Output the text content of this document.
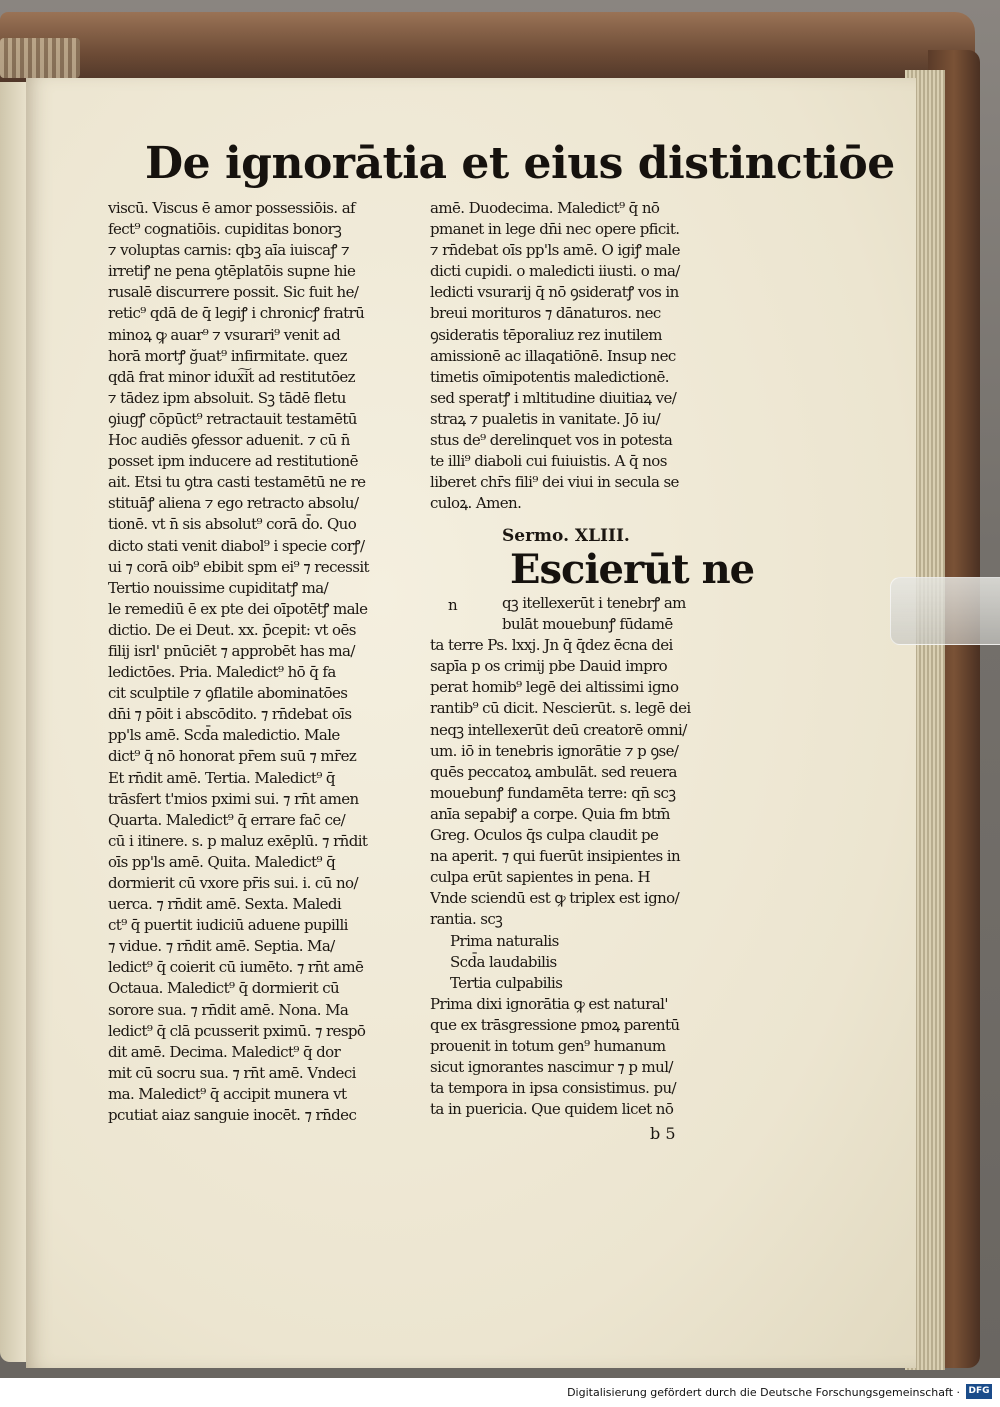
De ignorātia et eius distinctiōe
viscū. Viscus ē amor possessiōis. af
fect⁹ cognatiōis. cupiditas bonorꝫ
⁊ voluptas carnis: qbꝫ aīa iuiscaꝭ ⁊
irretiꝭ ne pena ꝯtēplatōis supne hie
rusalē discurrere possit. Sic fuit he/
retic⁹ qdā de q̄ legiꝭ i chronicꝭ fratrū
minoꝝ ꝙ auar⁹ ⁊ vsurari⁹ venit ad
horā mortꝭ ğuat⁹ infirmitate. quez
qdā frat minor idux͠it ad restitutōez
⁊ tādez ipm absoluit. Sꝫ tādē fletu
ꝯiugꝭ cōpūct⁹ retractauit testamētū
Hoc audiēs ꝯfessor aduenit. ⁊ cū n̄
posset ipm inducere ad restitutionē
ait. Etsi tu ꝯtra casti testamētū ne re
stituāꝭ aliena ⁊ ego retracto absolu/
tionē. vt n̄ sis absolut⁹ corā d̄o. Quo
dicto stati venit diabol⁹ i specie corꝭ/
ui ⁊ corā oib⁹ ebibit spm ei⁹ ⁊ recessit
Tertio nouissime cupiditatꝭ ma/
le remediū ē ex pte dei oīpotētꝭ male
dictio. De ei Deut. xx. p̄cepit: vt oēs
filij isrl' pnūciēt ⁊ approbēt has ma/
ledictōes. Pria. Maledict⁹ hō q̄ fa
cit sculptile ⁊ ꝯflatile abominatōes
dn̄i ⁊ pōit i abscōdito. ⁊ rn̄debat oīs
pp'ls amē. Scd̄a maledictio. Male
dict⁹ q̄ nō honorat pr̄em suū ⁊ mr̄ez
Et rn̄dit amē. Tertia. Maledict⁹ q̄
trāsfert t'mios pximi sui. ⁊ rn̄t amen
Quarta. Maledict⁹ q̄ errare fac̄ ce/
cū i itinere. s. p maluz exēplū. ⁊ rn̄dit
oīs pp'ls amē. Quita. Maledict⁹ q̄
dormierit cū vxore pr̄is sui. i. cū no/
uerca. ⁊ rn̄dit amē. Sexta. Maledi
ct⁹ q̄ puertit iudiciū aduene pupilli
⁊ vidue. ⁊ rn̄dit amē. Septia. Ma/
ledict⁹ q̄ coierit cū iumēto. ⁊ rn̄t amē
Octaua. Maledict⁹ q̄ dormierit cū
sorore sua. ⁊ rn̄dit amē. Nona. Ma
ledict⁹ q̄ clā pcusserit pximū. ⁊ respō
dit amē. Decima. Maledict⁹ q̄ dor
mit cū socru sua. ⁊ rn̄t amē. Vndeci
ma. Maledict⁹ q̄ accipit munera vt
pcutiat aiaz sanguie inocēt. ⁊ rn̄dec
amē. Duodecima. Maledict⁹ q̄ nō
pmanet in lege dn̄i nec opere pficit.
⁊ rn̄debat oīs pp'ls amē. O igiꝭ male
dicti cupidi. o maledicti iiusti. o ma/
ledicti vsurarij q̄ nō ꝯsideratꝭ vos in
breui morituros ⁊ dānaturos. nec
ꝯsideratis tēporaliuz rez inutilem
amissionē ac illaqatiōnē. Insup nec
timetis oīmipotentis maledictionē.
sed speratꝭ i mltitudine diuitiaꝝ ve/
straꝝ ⁊ pualetis in vanitate. Jō iu/
stus de⁹ derelinquet vos in potesta
te illi⁹ diaboli cui fuiuistis. A q̄ nos
liberet chr̄s fili⁹ dei viui in secula se
culoꝝ. Amen.
Sermo. XLIII.
Escierūt ne
n	qꝫ itellexerūt i tenebrꝭ am
bulāt mouebunꝭ fūdamē
ta terre Ps. lxxj. Jn q̄ q̄dez ēcna dei
sapīa p os crimij pbe Dauid impro
perat homib⁹ legē dei altissimi igno
rantib⁹ cū dicit. Nescierūt. s. legē dei
neqꝫ intellexerūt deū creatorē omni/
um. iō in tenebris ignorātie ⁊ p ꝯse/
quēs peccatoꝝ ambulāt. sed reuera
mouebunꝭ fundamēta terre: qn̄ scꝫ
anīa sepabiꝭ a corpe. Quia fm btm̄
Greg. Oculos q̄s culpa claudit pe
na aperit. ⁊ qui fuerūt insipientes in
culpa erūt sapientes in pena. H
Vnde sciendū est ꝙ triplex est igno/
rantia. scꝫ
Prima naturalis
Scd̄a laudabilis
Tertia culpabilis
Prima dixi ignorātia ꝙ est natural'
que ex trāsgressione pmoꝝ parentū
prouenit in totum gen⁹ humanum
sicut ignorantes nascimur ⁊ p mul/
ta tempora in ipsa consistimus. pu/
ta in puericia. Que quidem licet nō
b 5
Digitalisierung gefördert durch die Deutsche Forschungsgemeinschaft · DFG
